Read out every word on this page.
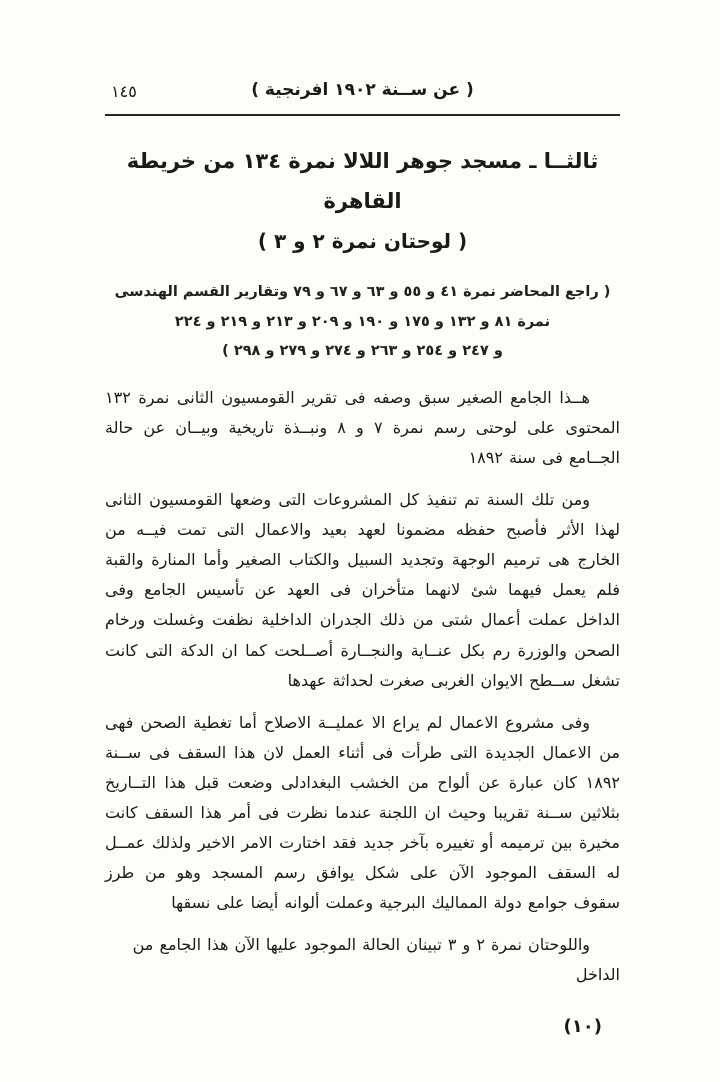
١٤٥	( عن ســنة ١٩٠٢ افرنجية )
ثالثــا ـ مسجد جوهر اللالا نمرة ١٣٤ من خريطة القاهرة
( لوحتان نمرة ٢ و ٣ )
( راجع المحاضر نمرة ٤١ و ٥٥ و ٦٣ و ٦٧ و ٧٩ وتقارير القسم الهندسى
نمرة ٨١ و ١٣٢ و ١٧٥ و ١٩٠ و ٢٠٩ و ٢١٣ و ٢١٩ و ٢٢٤
و ٢٤٧ و ٢٥٤ و ٢٦٣ و ٢٧٤ و ٢٧٩ و ٢٩٨ )

هــذا الجامع الصغير سبق وصفه فى تقرير القومسيون الثانى نمرة ١٣٢ المحتوى على لوحتى رسم نمرة ٧ و ٨ ونبــذة تاريخية وبيــان عن حالة الجــامع فى سنة ١٨٩٢

ومن تلك السنة تم تنفيذ كل المشروعات التى وضعها القومسيون الثانى لهذا الأثر فأصبح حفظه مضمونا لعهد بعيد والاعمال التى تمت فيــه من الخارج هى ترميم الوجهة وتجديد السبيل والكتاب الصغير وأما المنارة والقبة فلم يعمل فيهما شئ لانهما متأخران فى العهد عن تأسيس الجامع وفى الداخل عملت أعمال شتى من ذلك الجدران الداخلية نظفت وغسلت ورخام الصحن والوزرة رم بكل عنــاية والنجــارة أصــلحت كما ان الدكة التى كانت تشغل ســطح الايوان الغربى صغرت لحداثة عهدها

وفى مشروع الاعمال لم يراع الا عمليــة الاصلاح أما تغطية الصحن فهى من الاعمال الجديدة التى طرأت فى أثناء العمل لان هذا السقف فى ســنة ١٨٩٢ كان عبارة عن ألواح من الخشب البغدادلى وضعت قبل هذا التــاريخ بثلاثين ســنة تقريبا وحيث ان اللجنة عندما نظرت فى أمر هذا السقف كانت مخيرة بين ترميمه أو تغييره بآخر جديد فقد اختارت الامر الاخير ولذلك عمــل له السقف الموجود الآن على شكل يوافق رسم المسجد وهو من طرز سقوف جوامع دولة المماليك البرجية وعملت ألوانه أيضا على نسقها

واللوحتان نمرة ٢ و ٣ تبينان الحالة الموجود عليها الآن هذا الجامع من الداخل

(١٠)
